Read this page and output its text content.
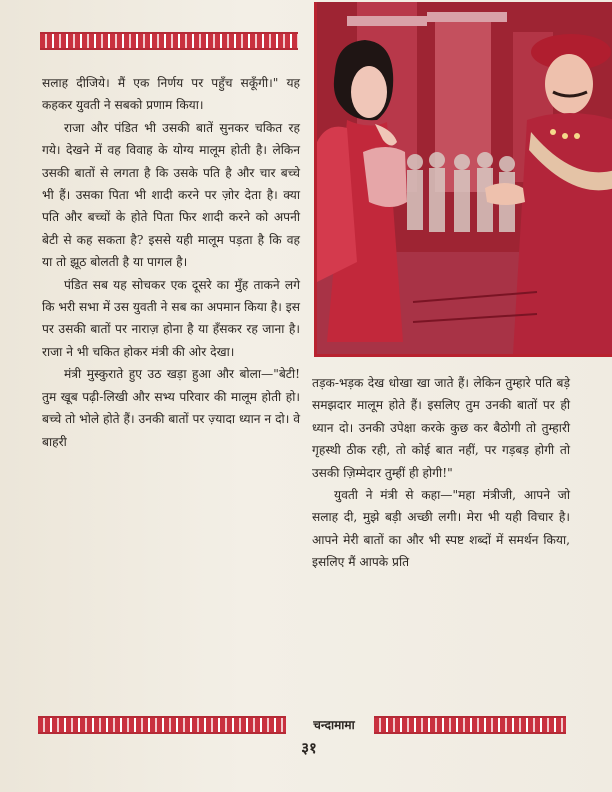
सलाह दीजिये। मैं एक निर्णय पर पहुँच सकूँगी।" यह कहकर युवती ने सबको प्रणाम किया।

राजा और पंडित भी उसकी बातें सुनकर चकित रह गये। देखने में वह विवाह के योग्य मालूम होती है। लेकिन उसकी बातों से लगता है कि उसके पति है और चार बच्चे भी हैं। उसका पिता भी शादी करने पर ज़ोर देता है। क्या पति और बच्चों के होते पिता फिर शादी करने को अपनी बेटी से कह सकता है? इससे यही मालूम पड़ता है कि वह या तो झूठ बोलती है या पागल है।

पंडित सब यह सोचकर एक दूसरे का मुँह ताकने लगे कि भरी सभा में उस युवती ने सब का अपमान किया है। इस पर उसकी बातों पर नाराज़ होना है या हँसकर रह जाना है। राजा ने भी चकित होकर मंत्री की ओर देखा।

मंत्री मुस्कुराते हुए उठ खड़ा हुआ और बोला—"बेटी! तुम खूब पढ़ी-लिखी और सभ्य परिवार की मालूम होती हो। बच्चे तो भोले होते हैं। उनकी बातों पर ज़्यादा ध्यान न दो। वे बाहरी

तड़क-भड़क देख धोखा खा जाते हैं। लेकिन तुम्हारे पति बड़े समझदार मालूम होते हैं। इसलिए तुम उनकी बातों पर ही ध्यान दो। उनकी उपेक्षा करके कुछ कर बैठोगी तो तुम्हारी गृहस्थी ठीक रही, तो कोई बात नहीं, पर गड़बड़ होगी तो उसकी ज़िम्मेदार तुम्हीं ही होगी!"

युवती ने मंत्री से कहा—"महा मंत्रीजी, आपने जो सलाह दी, मुझे बड़ी अच्छी लगी। मेरा भी यही विचार है। आपने मेरी बातों का और भी स्पष्ट शब्दों में समर्थन किया, इसलिए मैं आपके प्रति

चन्दामामा
३१
